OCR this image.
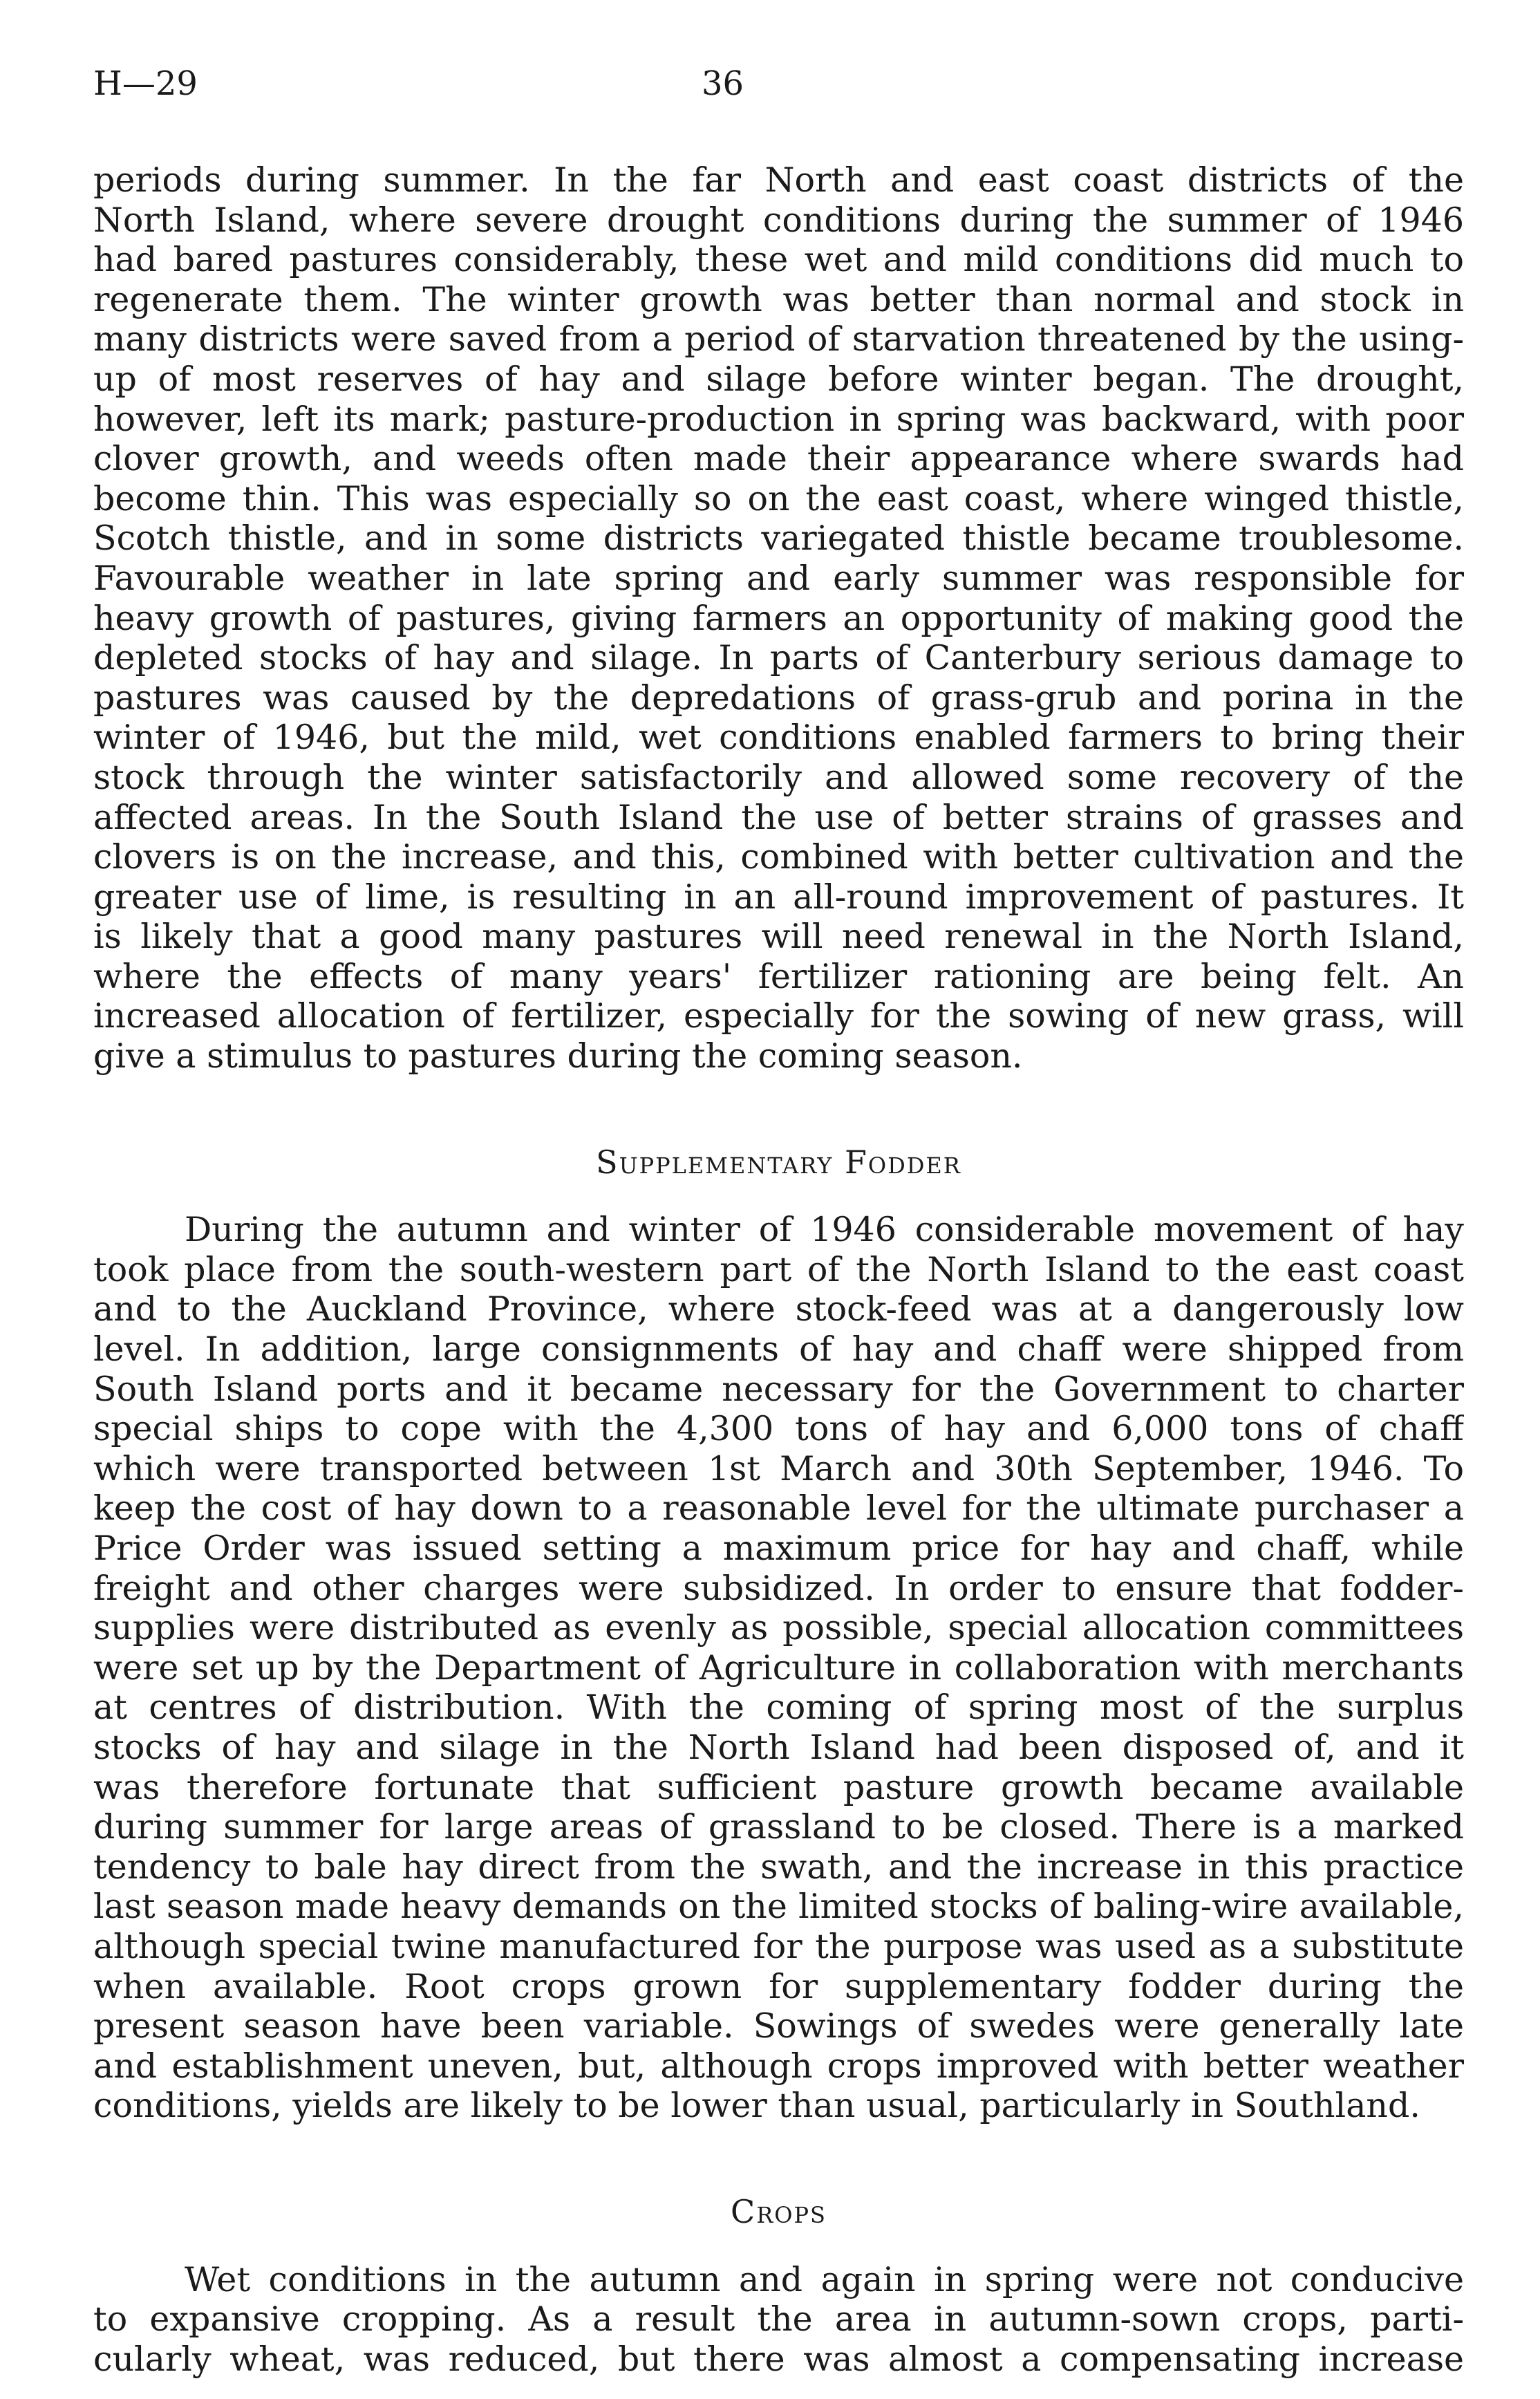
H—29	36
periods during summer. In the far North and east coast districts of the
North Island, where severe drought conditions during the summer of 1946
had bared pastures considerably, these wet and mild conditions did much to
regenerate them. The winter growth was better than normal and stock in
many districts were saved from a period of starvation threatened by the using-
up of most reserves of hay and silage before winter began. The drought,
however, left its mark; pasture-production in spring was backward, with poor
clover growth, and weeds often made their appearance where swards had
become thin. This was especially so on the east coast, where winged thistle,
Scotch thistle, and in some districts variegated thistle became troublesome.
Favourable weather in late spring and early summer was responsible for
heavy growth of pastures, giving farmers an opportunity of making good the
depleted stocks of hay and silage. In parts of Canterbury serious damage to
pastures was caused by the depredations of grass-grub and porina in the
winter of 1946, but the mild, wet conditions enabled farmers to bring their
stock through the winter satisfactorily and allowed some recovery of the
affected areas. In the South Island the use of better strains of grasses and
clovers is on the increase, and this, combined with better cultivation and the
greater use of lime, is resulting in an all-round improvement of pastures. It
is likely that a good many pastures will need renewal in the North Island,
where the effects of many years' fertilizer rationing are being felt. An
increased allocation of fertilizer, especially for the sowing of new grass, will
give a stimulus to pastures during the coming season.
Supplementary Fodder
During the autumn and winter of 1946 considerable movement of hay
took place from the south-western part of the North Island to the east coast
and to the Auckland Province, where stock-feed was at a dangerously low
level. In addition, large consignments of hay and chaff were shipped from
South Island ports and it became necessary for the Government to charter
special ships to cope with the 4,300 tons of hay and 6,000 tons of chaff
which were transported between 1st March and 30th September, 1946. To
keep the cost of hay down to a reasonable level for the ultimate purchaser a
Price Order was issued setting a maximum price for hay and chaff, while
freight and other charges were subsidized. In order to ensure that fodder-
supplies were distributed as evenly as possible, special allocation committees
were set up by the Department of Agriculture in collaboration with merchants
at centres of distribution. With the coming of spring most of the surplus
stocks of hay and silage in the North Island had been disposed of, and it
was therefore fortunate that sufficient pasture growth became available
during summer for large areas of grassland to be closed. There is a marked
tendency to bale hay direct from the swath, and the increase in this practice
last season made heavy demands on the limited stocks of baling-wire available,
although special twine manufactured for the purpose was used as a substitute
when available. Root crops grown for supplementary fodder during the
present season have been variable. Sowings of swedes were generally late
and establishment uneven, but, although crops improved with better weather
conditions, yields are likely to be lower than usual, particularly in Southland.
Crops
Wet conditions in the autumn and again in spring were not conducive
to expansive cropping. As a result the area in autumn-sown crops, parti-
cularly wheat, was reduced, but there was almost a compensating increase
